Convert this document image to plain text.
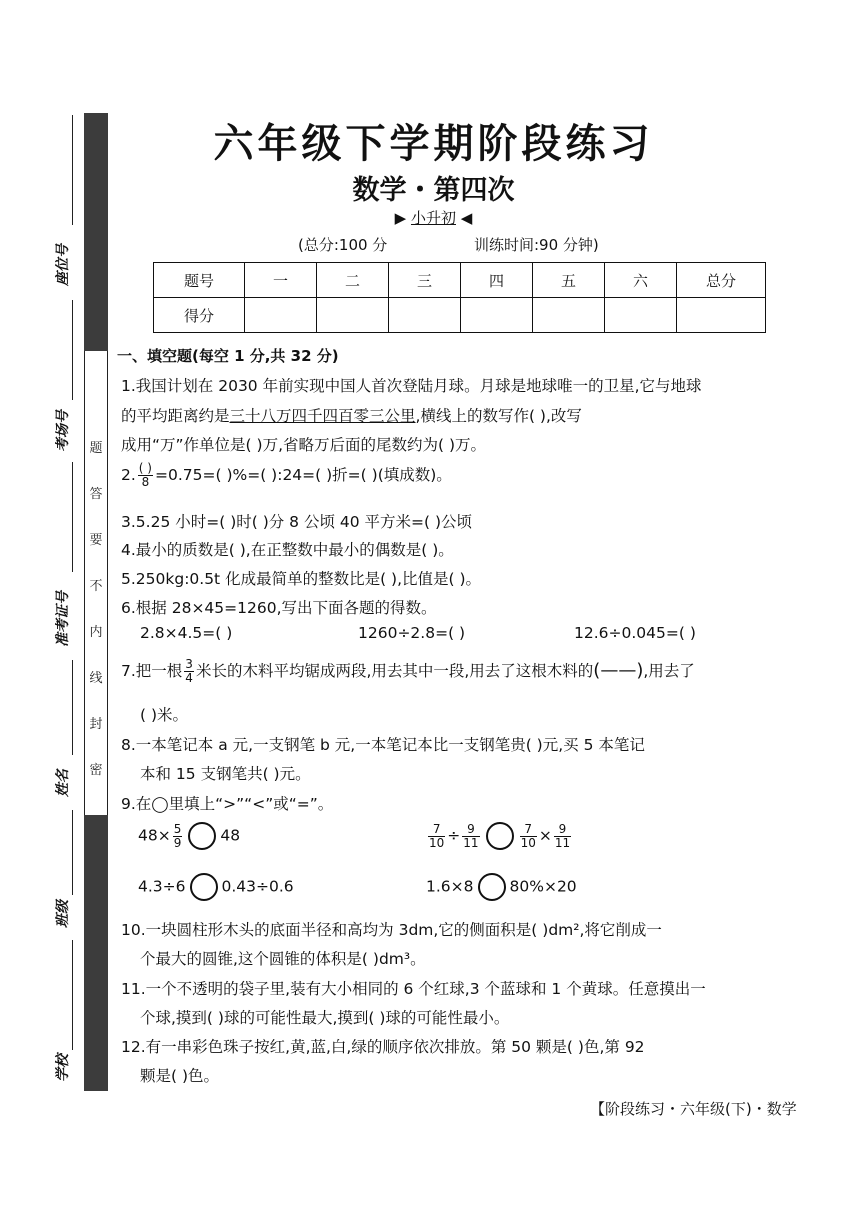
题
答
要
不
内
线
封
密
座位号
考场号
准考证号
姓名
班级
学校
六年级下学期阶段练习
数学・第四次
▶ 小升初 ◀
(总分:100 分	训练时间:90 分钟)
题号	一	二	三	四	五	六	总分
得分							
一、填空题(每空 1 分,共 32 分)
1.我国计划在 2030 年前实现中国人首次登陆月球。月球是地球唯一的卫星,它与地球
的平均距离约是三十八万四千四百零三公里,横线上的数写作( ),改写
成用“万”作单位是( )万,省略万后面的尾数约为( )万。
2. $\frac{( )}{8} =0.75=$( )%=( ):24=( )折=( )(填成数)。
3.5.25 小时=( )时( )分 8 公顷 40 平方米=( )公顷
4.最小的质数是( ),在正整数中最小的偶数是( )。
5.250kg:0.5t 化成最简单的整数比是( ),比值是( )。
6.根据 28×45=1260,写出下面各题的得数。
2.8×4.5=( )	1260÷2.8=( )	12.6÷0.045=( )
7.把一根 $\frac{3}{4}$ 米长的木料平均锯成两段,用去其中一段,用去了这根木料的(——),用去了
( )米。
8.一本笔记本 a 元,一支钢笔 b 元,一本笔记本比一支钢笔贵( )元,买 5 本笔记
本和 15 支钢笔共( )元。
9.在◯里填上“>”“<”或“=”。
$48\times \frac{5}{9} 48$	$\frac{7}{10} \div \frac{9}{11}$	$\frac{7}{10} \times \frac{9}{11}$
4.3÷6 0.43÷0.6	1.6×8 80%×20
10.一块圆柱形木头的底面半径和高均为 3dm,它的侧面积是( )dm²,将它削成一
个最大的圆锥,这个圆锥的体积是( )dm³。
11.一个不透明的袋子里,装有大小相同的 6 个红球,3 个蓝球和 1 个黄球。任意摸出一
个球,摸到( )球的可能性最大,摸到( )球的可能性最小。
12.有一串彩色珠子按红,黄,蓝,白,绿的顺序依次排放。第 50 颗是( )色,第 92
颗是( )色。
【阶段练习・六年级(下)・数学
